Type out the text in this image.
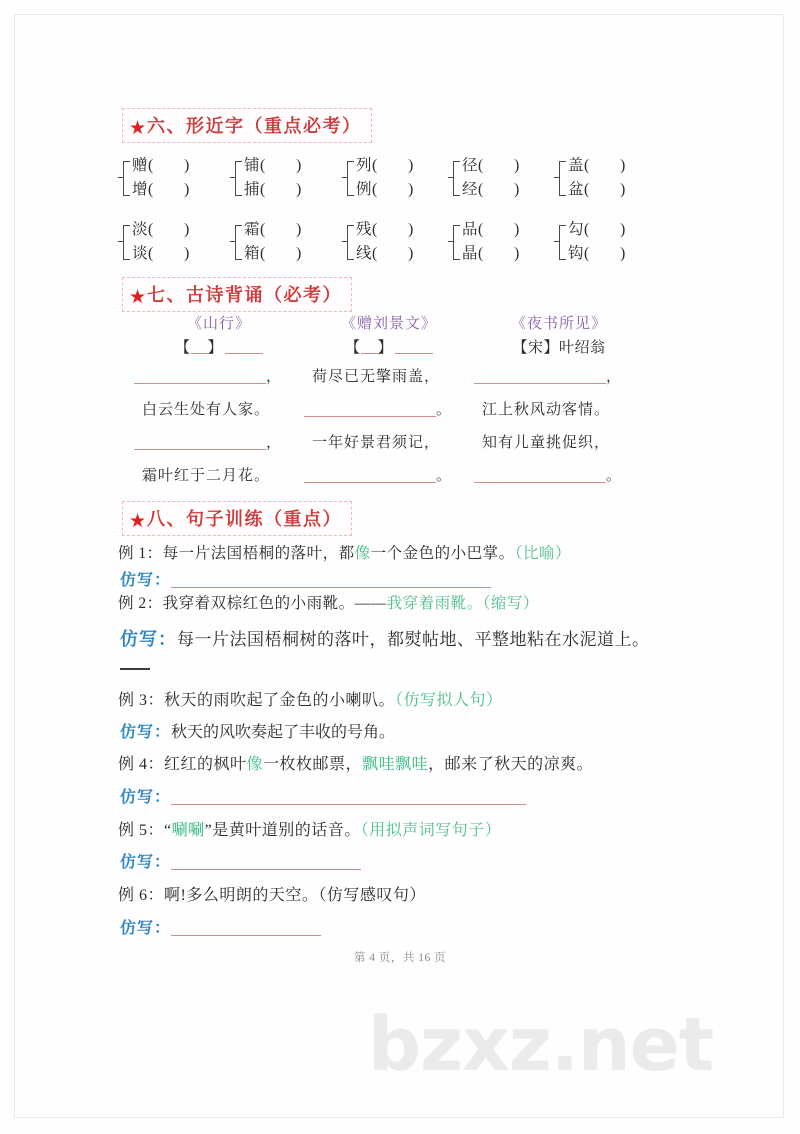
bzxz.net
★六、形近字（重点必考）
赠(　　)
增(　　)
铺(　　)
捕(　　)
列(　　)
例(　　)
径(　　)
经(　　)
盖(　　)
盆(　　)
淡(　　)
谈(　　)
霜(　　)
箱(　　)
残(　　)
线(　　)
品(　　)
晶(　　)
勾(　　)
钩(　　)
★七、古诗背诵（必考）
《山行》
【 】
，
白云生处有人家。
，
霜叶红于二月花。
《赠刘景文》
【 】
荷尽已无擎雨盖，
。
一年好景君须记，
。
《夜书所见》
【宋】叶绍翁
，
江上秋风动客情。
知有儿童挑促织，
。
★八、句子训练（重点）
例 1：每一片法国梧桐的落叶，都像一个金色的小巴掌。（比喻）
仿写：
例 2：我穿着双棕红色的小雨靴。——我穿着雨靴。（缩写）
仿写：每一片法国梧桐树的落叶，都熨帖地、平整地粘在水泥道上。
例 3：秋天的雨吹起了金色的小喇叭。（仿写拟人句）
仿写：秋天的风吹奏起了丰收的号角。
例 4：红红的枫叶像一枚枚邮票，飘哇飘哇，邮来了秋天的凉爽。
仿写：
例 5：“唰唰”是黄叶道别的话音。（用拟声词写句子）
仿写：
例 6：啊!多么明朗的天空。（仿写感叹句）
仿写：
第 4 页，共 16 页
